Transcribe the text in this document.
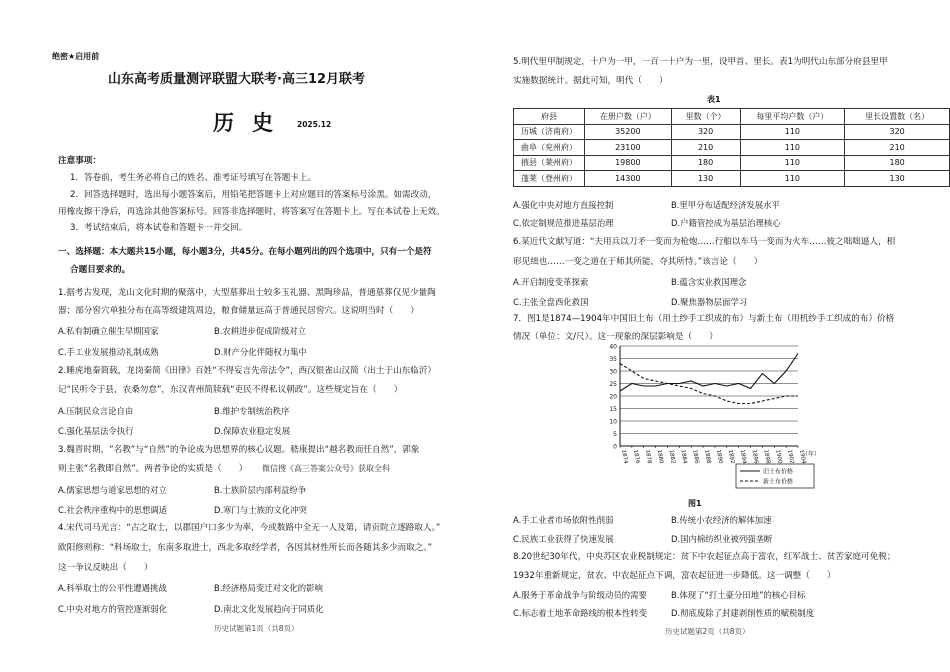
绝密★启用前
山东高考质量测评联盟大联考·高三12月联考
历史 2025.12
注意事项：
1．答卷前，考生务必将自己的姓名、准考证号填写在答题卡上。
2．回答选择题时，选出每小题答案后，用铅笔把答题卡上对应题目的答案标号涂黑。如需改动，
用橡皮擦干净后，再选涂其他答案标号。回答非选择题时，将答案写在答题卡上。写在本试卷上无效。
3．考试结束后，将本试卷和答题卡一并交回。
一、选择题：本大题共15小题，每小题3分，共45分。在每小题列出的四个选项中，只有一个是符
合题目要求的。
1.据考古发现，龙山文化时期的聚落中，大型墓葬出土较多玉礼器、黑陶珍品，普通墓葬仅见少量陶
器；部分窖穴单独分布在高等级建筑周边，粮食储量远高于普通民居窖穴。这说明当时（　　）
A.私有制确立催生早期国家	B.农耕进步促成阶级对立
C.手工业发展推动礼制成熟	D.财产分化伴随权力集中
2.睡虎地秦简载，龙岗秦简《田律》百姓“不得妄言先帝法令”，西汉银雀山汉简（出土于山东临沂）
记“民听令于县，农桑勿怠”，东汉青州简牍载“吏民不得私议朝政”。这些规定旨在（　　）
A.压制民众言论自由	B.维护专制统治秩序
C.强化基层法令执行	D.保障农业稳定发展
3.魏晋时期，“名教”与“自然”的争论成为思想界的核心议题。嵇康提出“越名教而任自然”，郭象
则主张“名教即自然”。两者争论的实质是（　　） 微信搜《高三答案公众号》获取全科
A.儒家思想与道家思想的对立	B.士族阶层内部利益纷争
C.社会秩序重构中的思想调适	D.寒门与士族的文化冲突
4.宋代司马光言：“古之取士，以郡国户口多少为率，今或数路中全无一人及第，请贡院立逐路取人。”
欧阳修则称：“科场取士，东南多取进士，西北多取经学者，各因其材性所长而各随其多少而取之。”
这一争议反映出（　　）
A.科举取士的公平性遭遇挑战	B.经济格局变迁对文化的影响
C.中央对地方的管控逐渐弱化	D.南北文化发展趋向于同质化
历史试题第1页（共8页）
5.明代里甲制规定，十户为一甲，一百一十户为一里，设甲首、里长。表1为明代山东部分府县里甲
实施数据统计。据此可知，明代（　　）
表1
府县	在册户数（户）	里数（个）	每里平均户数（户）	里长设置数（名）
历城（济南府）	35200	320	110	320
曲阜（兖州府）	23100	210	110	210
掖县（莱州府）	19800	180	110	180
蓬莱（登州府）	14300	130	110	130
A.强化中央对地方直接控制	B.里甲分布适配经济发展水平
C.依定制规范推进基层治理	D.户籍管控成为基层治理核心
6.某近代文献写道：“夫用兵以刀矛一变而为枪炮……行舶以车马一变而为火车……彼之咄咄逼人，相
形见绌也……一变之道在于师其所能，夺其所恃。”该言论（　　）
A.开启制度变革探索	B.蕴含实业救国理念
C.主张全盘西化救国	D.聚焦器物层面学习
7．图1是1874—1904年中国旧土布（用土纱手工织成的布）与新土布（用机纱手工织成的布）价格
情况（单位：文/尺）。这一现象的深层影响是（　　）
图1
A.手工业者市场依附性削弱	B.传统小农经济的解体加速
C.民族工业获得了快速发展	D.国内棉纺织业被列强垄断
8.20世纪30年代，中央苏区农业税制规定：贫下中农起征点高于富农，红军战士、贫苦家庭可免税；
1932年重新规定，贫农、中农起征点下调，富农起征进一步降低。这一调整（　　）
A.服务于革命战争与阶级动员的需要	B.体现了“打土豪分田地”的核心目标
C.标志着土地革命路线的根本性转变	D.彻底废除了封建剥削性质的赋税制度
历史试题第2页（共8页）
0
5
10
15
20
25
30
35
40
1874 1876 1878 1880 1882 1884 1886 1888 1890 1892 1894 1896 1898 1900 1902 1904
（年）
旧土布价格
新土布价格
